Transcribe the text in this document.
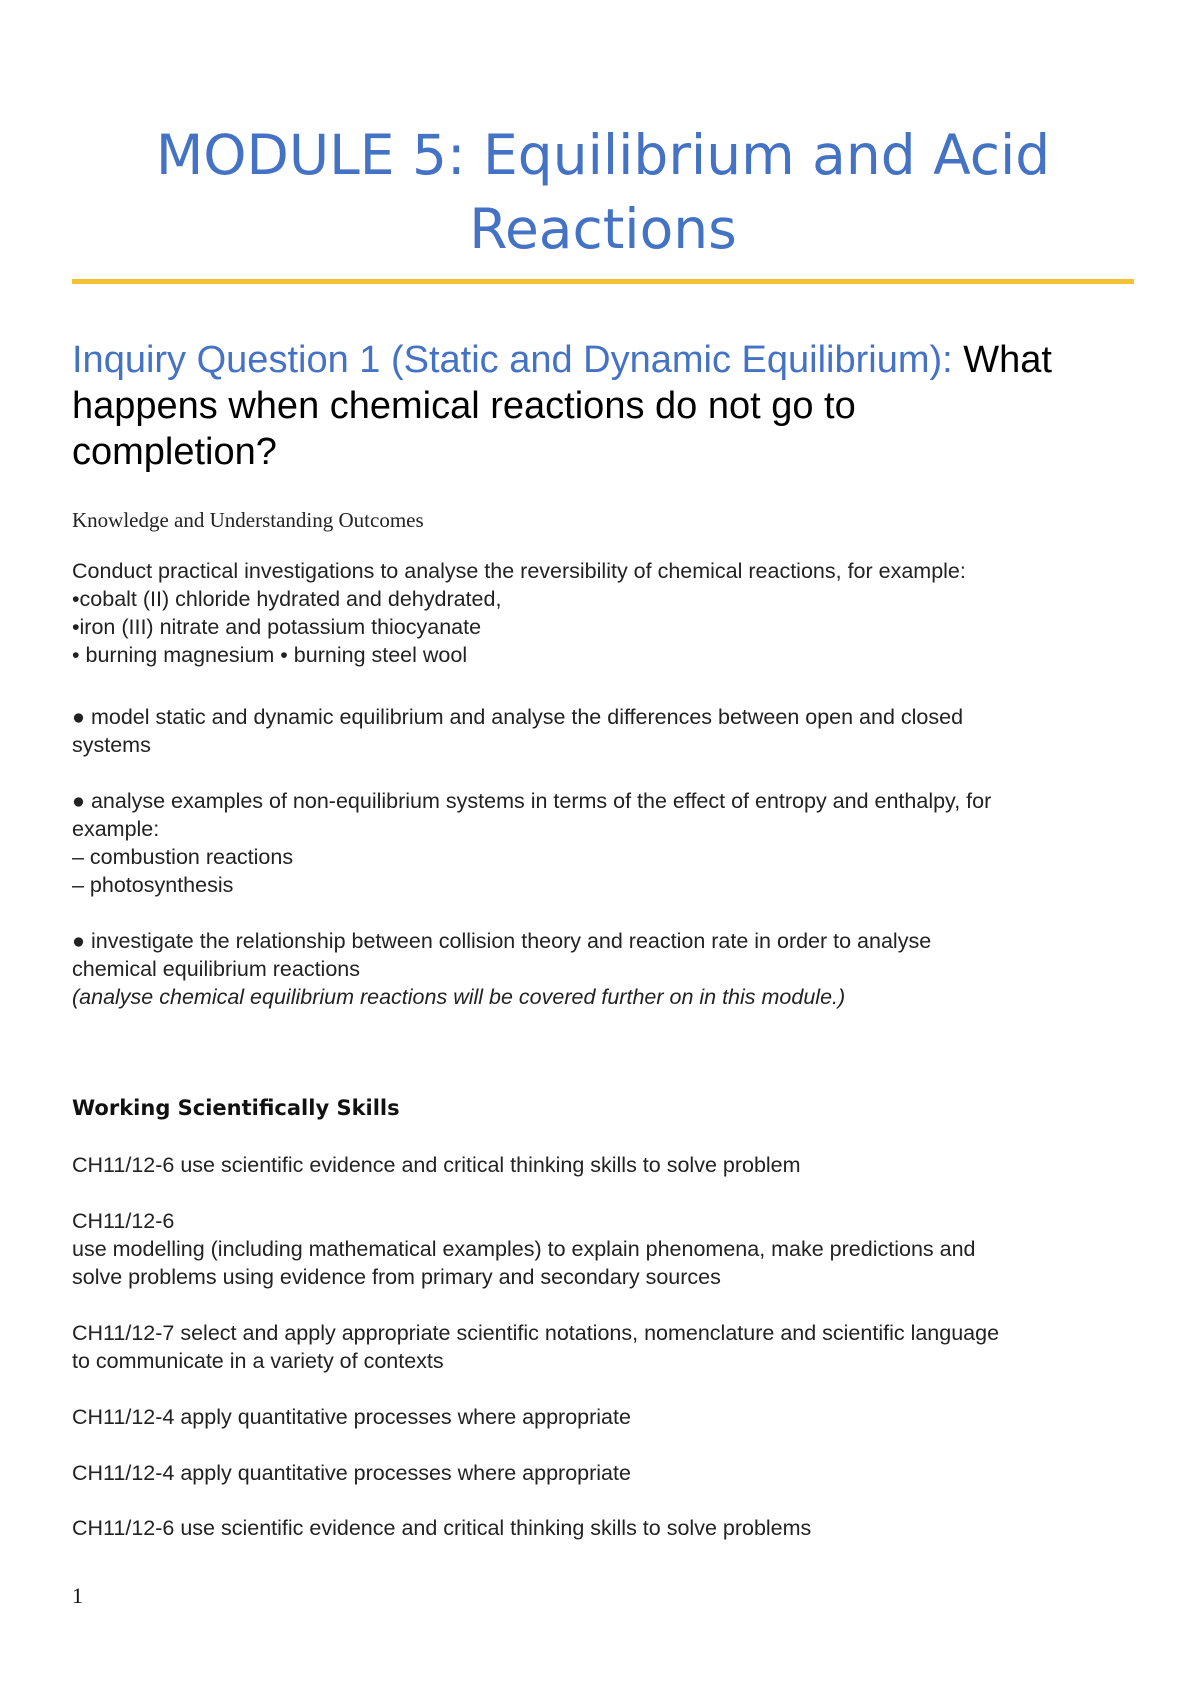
MODULE 5: Equilibrium and Acid
Reactions
Inquiry Question 1 (Static and Dynamic Equilibrium): What
happens when chemical reactions do not go to
completion?
Knowledge and Understanding Outcomes
Conduct practical investigations to analyse the reversibility of chemical reactions, for example:
•cobalt (II) chloride hydrated and dehydrated,
•iron (III) nitrate and potassium thiocyanate
• burning magnesium • burning steel wool
● model static and dynamic equilibrium and analyse the differences between open and closed
systems
● analyse examples of non-equilibrium systems in terms of the effect of entropy and enthalpy, for
example:
– combustion reactions
– photosynthesis
● investigate the relationship between collision theory and reaction rate in order to analyse
chemical equilibrium reactions
(analyse chemical equilibrium reactions will be covered further on in this module.)
Working Scientifically Skills
CH11/12-6 use scientific evidence and critical thinking skills to solve problem
CH11/12-6
use modelling (including mathematical examples) to explain phenomena, make predictions and
solve problems using evidence from primary and secondary sources
CH11/12-7 select and apply appropriate scientific notations, nomenclature and scientific language
to communicate in a variety of contexts
CH11/12-4 apply quantitative processes where appropriate
CH11/12-4 apply quantitative processes where appropriate
CH11/12-6 use scientific evidence and critical thinking skills to solve problems
1
